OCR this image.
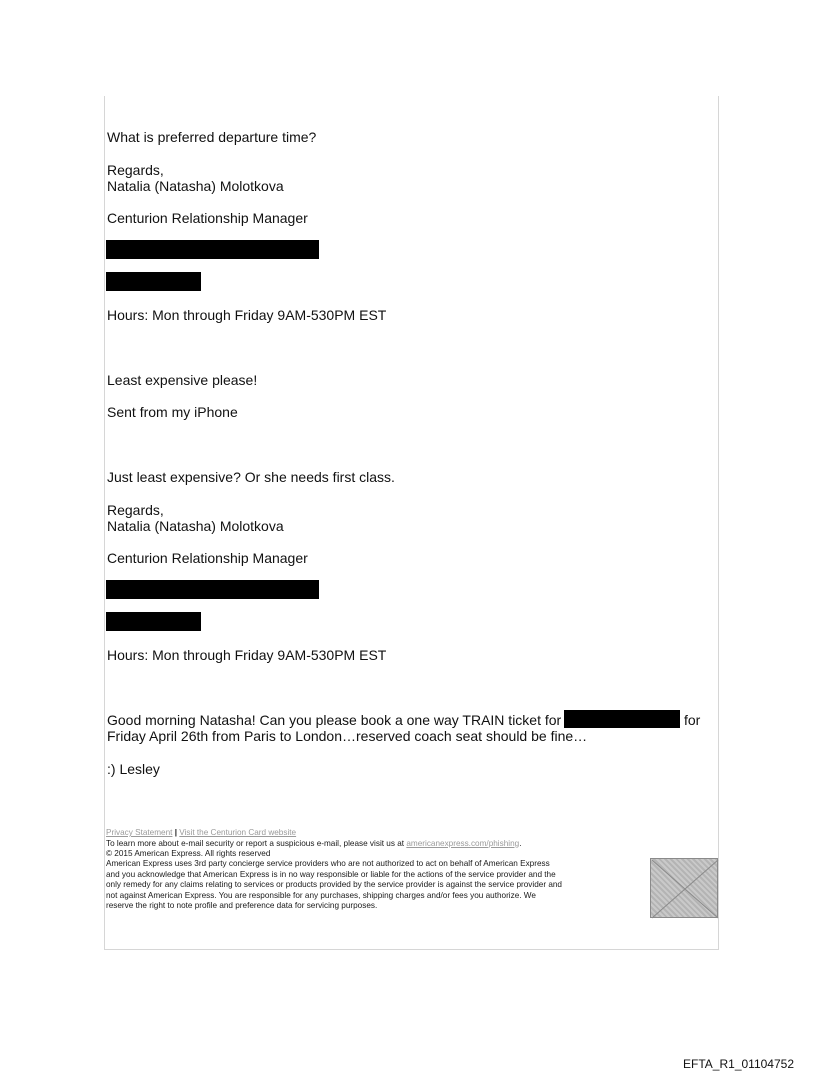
What is preferred departure time?

Regards,

Natalia (Natasha) Molotkova

Centurion Relationship Manager

Hours: Mon through Friday 9AM-530PM EST

Least expensive please!

Sent from my iPhone

Just least expensive? Or she needs first class.

Regards,

Natalia (Natasha) Molotkova

Centurion Relationship Manager

Hours: Mon through Friday 9AM-530PM EST

Good morning Natasha! Can you please book a one way TRAIN ticket for	for

Friday April 26th from Paris to London…reserved coach seat should be fine…

:) Lesley

Privacy Statement | Visit the Centurion Card website
To learn more about e-mail security or report a suspicious e-mail, please visit us at americanexpress.com/phishing.
© 2015 American Express. All rights reserved
American Express uses 3rd party concierge service providers who are not authorized to act on behalf of American Express
and you acknowledge that American Express is in no way responsible or liable for the actions of the service provider and the
only remedy for any claims relating to services or products provided by the service provider is against the service provider and
not against American Express. You are responsible for any purchases, shipping charges and/or fees you authorize. We
reserve the right to note profile and preference data for servicing purposes.
EFTA_R1_01104752
